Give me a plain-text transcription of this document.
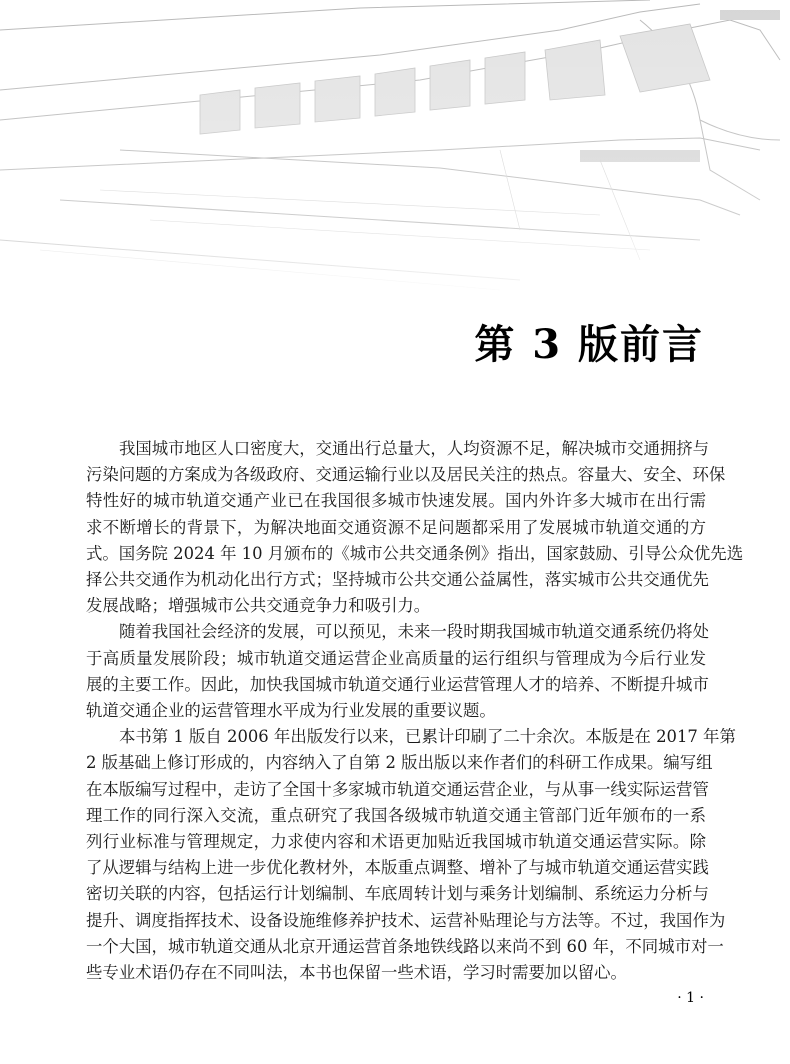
第 3 版前言

我国城市地区人口密度大，交通出行总量大，人均资源不足，解决城市交通拥挤与
污染问题的方案成为各级政府、交通运输行业以及居民关注的热点。容量大、安全、环保
特性好的城市轨道交通产业已在我国很多城市快速发展。国内外许多大城市在出行需
求不断增长的背景下，为解决地面交通资源不足问题都采用了发展城市轨道交通的方
式。国务院 2024 年 10 月颁布的《城市公共交通条例》指出，国家鼓励、引导公众优先选
择公共交通作为机动化出行方式；坚持城市公共交通公益属性，落实城市公共交通优先
发展战略；增强城市公共交通竞争力和吸引力。

随着我国社会经济的发展，可以预见，未来一段时期我国城市轨道交通系统仍将处
于高质量发展阶段；城市轨道交通运营企业高质量的运行组织与管理成为今后行业发
展的主要工作。因此，加快我国城市轨道交通行业运营管理人才的培养、不断提升城市
轨道交通企业的运营管理水平成为行业发展的重要议题。

本书第 1 版自 2006 年出版发行以来，已累计印刷了二十余次。本版是在 2017 年第
2 版基础上修订形成的，内容纳入了自第 2 版出版以来作者们的科研工作成果。编写组
在本版编写过程中，走访了全国十多家城市轨道交通运营企业，与从事一线实际运营管
理工作的同行深入交流，重点研究了我国各级城市轨道交通主管部门近年颁布的一系
列行业标准与管理规定，力求使内容和术语更加贴近我国城市轨道交通运营实际。除
了从逻辑与结构上进一步优化教材外，本版重点调整、增补了与城市轨道交通运营实践
密切关联的内容，包括运行计划编制、车底周转计划与乘务计划编制、系统运力分析与
提升、调度指挥技术、设备设施维修养护技术、运营补贴理论与方法等。不过，我国作为
一个大国，城市轨道交通从北京开通运营首条地铁线路以来尚不到 60 年，不同城市对一
些专业术语仍存在不同叫法，本书也保留一些术语，学习时需要加以留心。

· 1 ·
